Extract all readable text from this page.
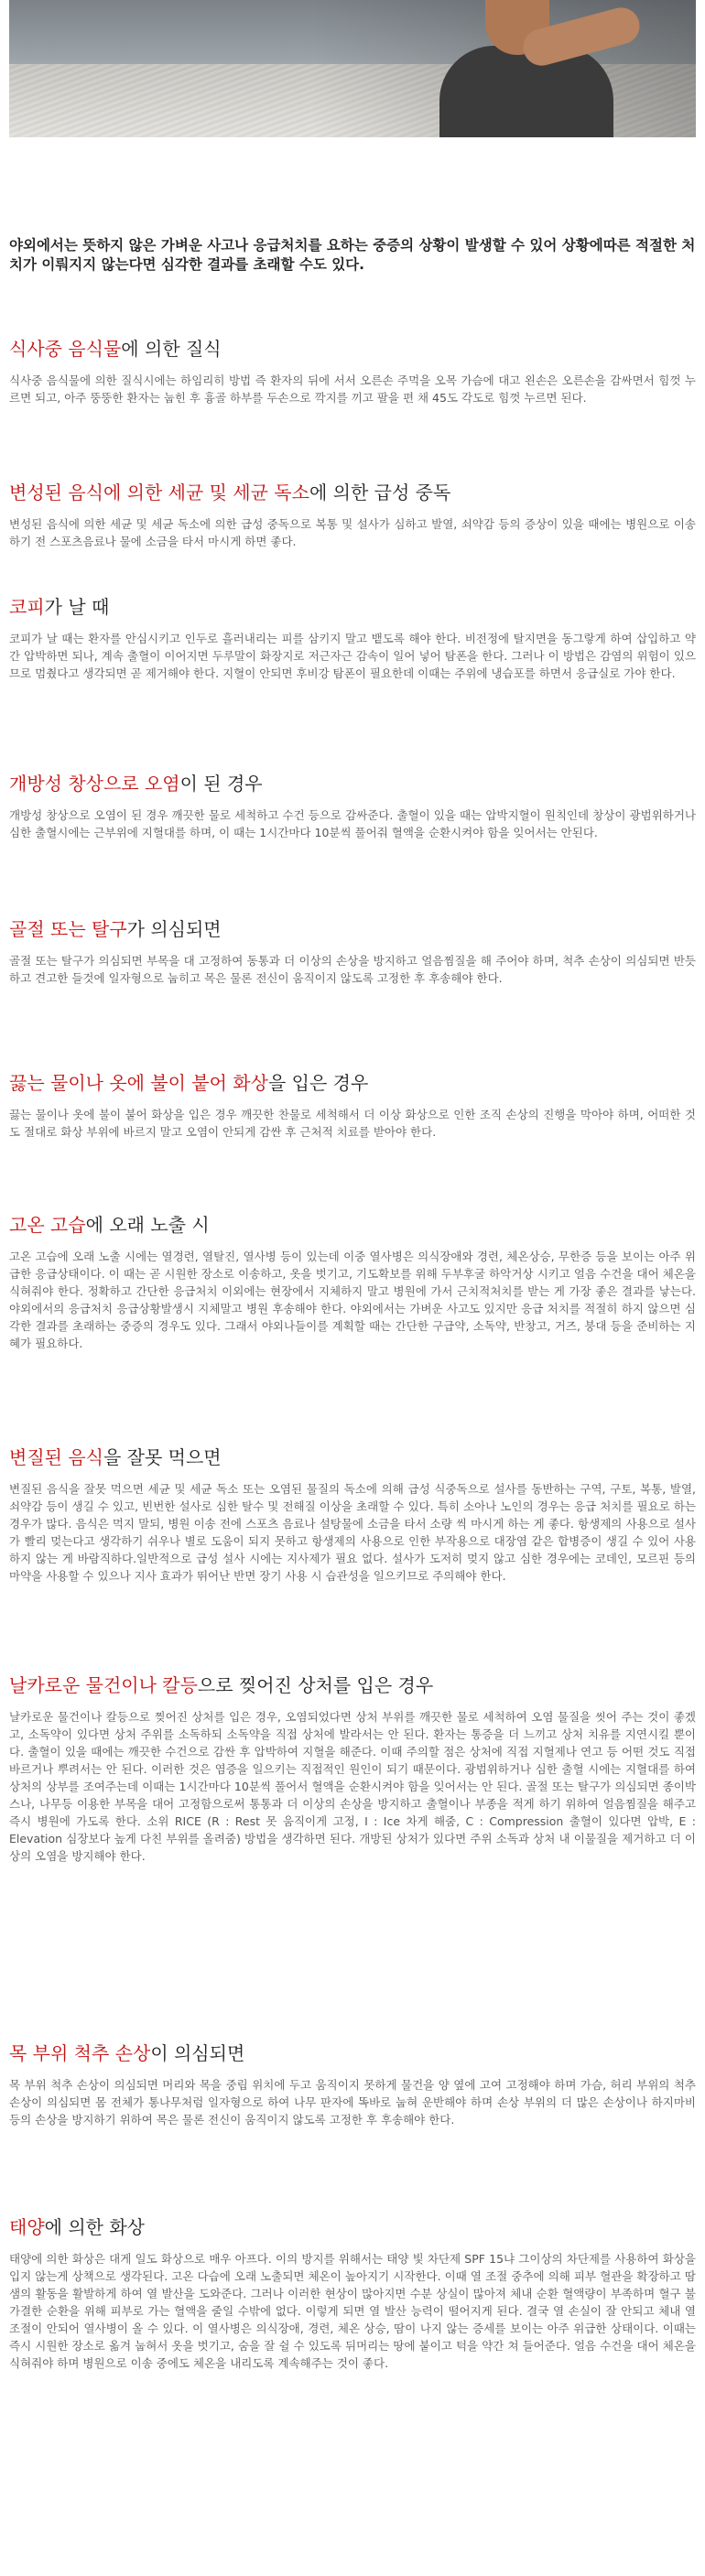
야외에서는 뜻하지 않은 가벼운 사고나 응급처치를 요하는 중증의 상황이 발생할 수 있어 상황에따른 적절한 처치가 이뤄지지 않는다면 심각한 결과를 초래할 수도 있다.
식사중 음식물에 의한 질식

식사중 음식물에 의한 질식시에는 하임리히 방법 즉 환자의 뒤에 서서 오른손 주먹을 오목 가슴에 대고 왼손은 오른손을 감싸면서 힘껏 누르면 되고, 아주 뚱뚱한 환자는 눕힌 후 흉골 하부를 두손으로 깍지를 끼고 팔을 편 채 45도 각도로 힘껏 누르면 된다.

변성된 음식에 의한 세균 및 세균 독소에 의한 급성 중독

변성된 음식에 의한 세균 및 세균 독소에 의한 급성 중독으로 복통 및 설사가 심하고 발열, 쇠약감 등의 증상이 있을 때에는 병원으로 이송하기 전 스포츠음료나 물에 소금을 타서 마시게 하면 좋다.

코피가 날 때

코피가 날 때는 환자를 안심시키고 인두로 흘러내리는 피를 삼키지 말고 뱉도록 해야 한다. 비전정에 탈지면을 동그랗게 하여 삽입하고 약간 압박하면 되나, 계속 출혈이 이어지면 두루말이 화장지로 저근자근 감속이 일어 넣어 탐폰을 한다. 그러나 이 방법은 감염의 위험이 있으므로 멈췄다고 생각되면 곧 제거해야 한다. 지혈이 안되면 후비강 탐폰이 필요한데 이때는 주위에 냉습포를 하면서 응급실로 가야 한다.

개방성 창상으로 오염이 된 경우

개방성 창상으로 오염이 된 경우 깨끗한 물로 세척하고 수건 등으로 감싸준다. 출혈이 있을 때는 압박지혈이 원칙인데 창상이 광범위하거나 심한 출혈시에는 근부위에 지혈대를 하며, 이 때는 1시간마다 10분씩 풀어줘 혈액을 순환시켜야 함을 잊어서는 안된다.

골절 또는 탈구가 의심되면

골절 또는 탈구가 의심되면 부목을 대 고정하여 동통과 더 이상의 손상을 방지하고 얼음찜질을 해 주어야 하며, 척추 손상이 의심되면 반듯하고 견고한 들것에 일자형으로 눕히고 목은 물론 전신이 움직이지 않도록 고정한 후 후송해야 한다.

끓는 물이나 옷에 불이 붙어 화상을 입은 경우

끓는 물이나 옷에 불이 붙어 화상을 입은 경우 깨끗한 찬물로 세척해서 더 이상 화상으로 인한 조직 손상의 진행을 막아야 하며, 어떠한 것도 절대로 화상 부위에 바르지 말고 오염이 안되게 감싼 후 근처적 치료를 받아야 한다.

고온 고습에 오래 노출 시

고온 고습에 오래 노출 시에는 열경련, 열탈진, 열사병 등이 있는데 이중 열사병은 의식장애와 경련, 체온상승, 무한증 등을 보이는 아주 위급한 응급상태이다. 이 때는 곧 시원한 장소로 이송하고, 옷을 벗기고, 기도확보를 위해 두부후굴 하악거상 시키고 얼음 수건을 대어 체온을 식혀줘야 한다. 정확하고 간단한 응급처치 이외에는 현장에서 지체하지 말고 병원에 가서 근치적처치를 받는 게 가장 좋은 결과를 낳는다. 야외에서의 응급처치 응급상황발생시 지체말고 병원 후송해야 한다. 야외에서는 가벼운 사고도 있지만 응급 처치를 적절히 하지 않으면 심각한 결과를 초래하는 중증의 경우도 있다. 그래서 야외나들이를 계획할 때는 간단한 구급약, 소독약, 반창고, 거즈, 붕대 등을 준비하는 지혜가 필요하다.

변질된 음식을 잘못 먹으면

변질된 음식을 잘못 먹으면 세균 및 세균 독소 또는 오염된 물질의 독소에 의해 급성 식중독으로 설사를 동반하는 구역, 구토, 복통, 발열, 쇠약감 등이 생길 수 있고, 빈번한 설사로 심한 탈수 및 전해질 이상을 초래할 수 있다. 특히 소아나 노인의 경우는 응급 처치를 필요로 하는 경우가 많다. 음식은 먹지 말되, 병원 이송 전에 스포츠 음료나 설탕물에 소금을 타서 소량 씩 마시게 하는 게 좋다. 항생제의 사용으로 설사가 빨리 멎는다고 생각하기 쉬우나 별로 도움이 되지 못하고 항생제의 사용으로 인한 부작용으로 대장염 같은 합병증이 생길 수 있어 사용하지 않는 게 바람직하다.일반적으로 급성 설사 시에는 지사제가 필요 없다. 설사가 도저히 멎지 않고 심한 경우에는 코데인, 모르핀 등의 마약을 사용할 수 있으나 지사 효과가 뛰어난 반면 장기 사용 시 습관성을 일으키므로 주의해야 한다.

날카로운 물건이나 칼등으로 찢어진 상처를 입은 경우

날카로운 물건이나 칼등으로 찢어진 상처를 입은 경우, 오염되었다면 상처 부위를 깨끗한 물로 세척하여 오염 물질을 씻어 주는 것이 좋겠고, 소독약이 있다면 상처 주위를 소독하되 소독약을 직접 상처에 발라서는 안 된다. 환자는 통증을 더 느끼고 상처 치유를 지연시킬 뿐이다. 출혈이 있을 때에는 깨끗한 수건으로 감싼 후 압박하여 지혈을 해준다. 이때 주의할 점은 상처에 직접 지혈제나 연고 등 어떤 것도 직접 바르거나 뿌려서는 안 된다. 이러한 것은 염증을 일으키는 직접적인 원인이 되기 때문이다. 광범위하거나 심한 출혈 시에는 지혈대를 하여 상처의 상부를 조여주는데 이때는 1시간마다 10분씩 풀어서 혈액을 순환시켜야 함을 잊어서는 안 된다. 골절 또는 탈구가 의심되면 종이박스나, 나무등 이용한 부목을 대어 고정함으로써 통통과 더 이상의 손상을 방지하고 출혈이나 부종을 적게 하기 위하여 얼음찜질을 해주고 즉시 병원에 가도록 한다. 소위 RICE (R : Rest 못 움직이게 고정, I : Ice 차게 해줌, C : Compression 출혈이 있다면 압박, E : Elevation 심장보다 높게 다친 부위를 올려줌) 방법을 생각하면 된다. 개방된 상처가 있다면 주위 소독과 상처 내 이물질을 제거하고 더 이상의 오염을 방지해야 한다.

목 부위 척추 손상이 의심되면

목 부위 척추 손상이 의심되면 머리와 목을 중립 위치에 두고 움직이지 못하게 물건을 양 옆에 고여 고정해야 하며 가슴, 허리 부위의 척추 손상이 의심되면 몸 전체가 통나무처럼 일자형으로 하여 나무 판자에 똑바로 눕혀 운반해야 하며 손상 부위의 더 많은 손상이나 하지마비 등의 손상을 방지하기 위하여 목은 물론 전신이 움직이지 않도록 고정한 후 후송해야 한다.

태양에 의한 화상

태양에 의한 화상은 대게 일도 화상으로 매우 아프다. 이의 방지를 위해서는 태양 빛 차단제 SPF 15냐 그이상의 차단제를 사용하여 화상을 입지 않는게 상책으로 생각된다. 고온 다습에 오래 노출되면 체온이 높아지기 시작한다. 이때 열 조절 중추에 의해 피부 혈관을 확장하고 땀샘의 활동을 활발하게 하여 열 발산을 도와준다. 그러나 이러한 현상이 많아지면 수분 상실이 많아져 체내 순환 혈액량이 부족하며 혈구 불가결한 순환을 위해 피부로 가는 혈액을 줄일 수밖에 없다. 이렇게 되면 열 발산 능력이 떨어지게 된다. 결국 열 손실이 잘 안되고 체내 열 조절이 안되어 열사병이 올 수 있다. 이 열사병은 의식장애, 경련, 체온 상승, 땀이 나지 않는 증세를 보이는 아주 위급한 상태이다. 이때는 즉시 시원한 장소로 옮겨 눕혀서 옷을 벗기고, 숨을 잘 쉴 수 있도록 뒤머리는 땅에 붙이고 턱을 약간 쳐 들어준다. 얼음 수건을 대어 체온을 식혀줘야 하며 병원으로 이송 중에도 체온을 내리도록 계속해주는 것이 좋다.
